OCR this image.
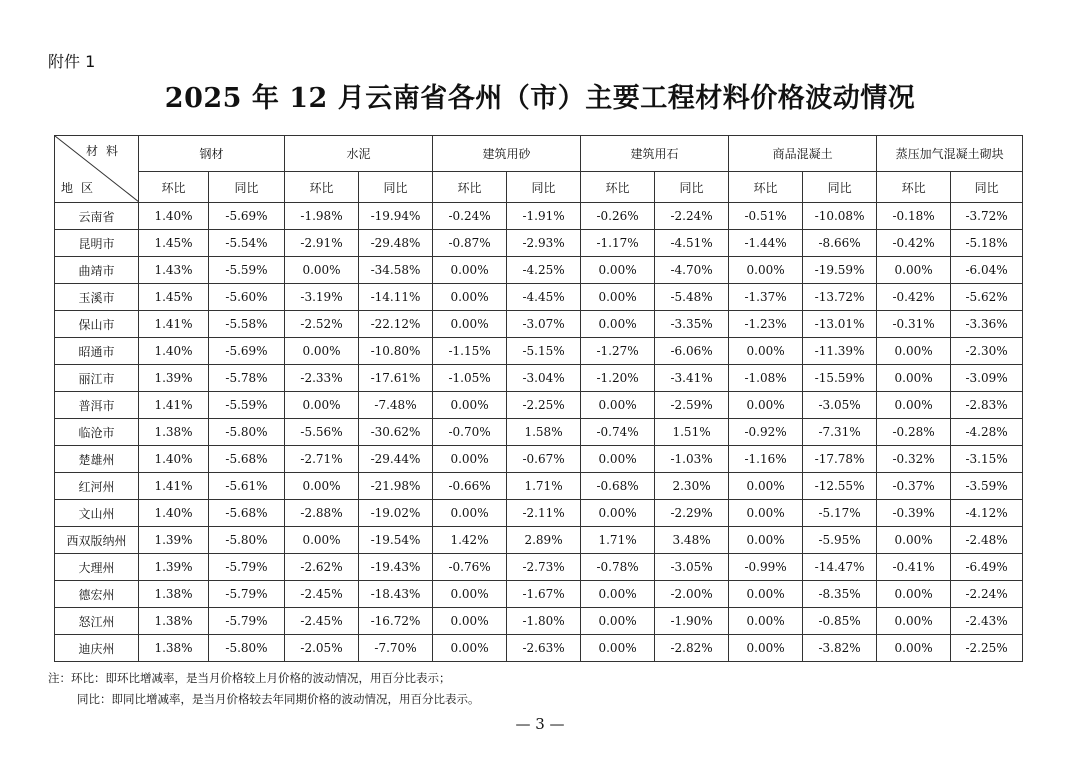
附件 1
2025 年 12 月云南省各州（市）主要工程材料价格波动情况
材料
地区	钢材		水泥		建筑用砂		建筑用石		商品混凝土		蒸压加气混凝土砌块	
	环比	同比	环比	同比	环比	同比	环比	同比	环比	同比	环比	同比
云南省	1.40%	-5.69%	-1.98%	-19.94%	-0.24%	-1.91%	-0.26%	-2.24%	-0.51%	-10.08%	-0.18%	-3.72%
昆明市	1.45%	-5.54%	-2.91%	-29.48%	-0.87%	-2.93%	-1.17%	-4.51%	-1.44%	-8.66%	-0.42%	-5.18%
曲靖市	1.43%	-5.59%	0.00%	-34.58%	0.00%	-4.25%	0.00%	-4.70%	0.00%	-19.59%	0.00%	-6.04%
玉溪市	1.45%	-5.60%	-3.19%	-14.11%	0.00%	-4.45%	0.00%	-5.48%	-1.37%	-13.72%	-0.42%	-5.62%
保山市	1.41%	-5.58%	-2.52%	-22.12%	0.00%	-3.07%	0.00%	-3.35%	-1.23%	-13.01%	-0.31%	-3.36%
昭通市	1.40%	-5.69%	0.00%	-10.80%	-1.15%	-5.15%	-1.27%	-6.06%	0.00%	-11.39%	0.00%	-2.30%
丽江市	1.39%	-5.78%	-2.33%	-17.61%	-1.05%	-3.04%	-1.20%	-3.41%	-1.08%	-15.59%	0.00%	-3.09%
普洱市	1.41%	-5.59%	0.00%	-7.48%	0.00%	-2.25%	0.00%	-2.59%	0.00%	-3.05%	0.00%	-2.83%
临沧市	1.38%	-5.80%	-5.56%	-30.62%	-0.70%	1.58%	-0.74%	1.51%	-0.92%	-7.31%	-0.28%	-4.28%
楚雄州	1.40%	-5.68%	-2.71%	-29.44%	0.00%	-0.67%	0.00%	-1.03%	-1.16%	-17.78%	-0.32%	-3.15%
红河州	1.41%	-5.61%	0.00%	-21.98%	-0.66%	1.71%	-0.68%	2.30%	0.00%	-12.55%	-0.37%	-3.59%
文山州	1.40%	-5.68%	-2.88%	-19.02%	0.00%	-2.11%	0.00%	-2.29%	0.00%	-5.17%	-0.39%	-4.12%
西双版纳州	1.39%	-5.80%	0.00%	-19.54%	1.42%	2.89%	1.71%	3.48%	0.00%	-5.95%	0.00%	-2.48%
大理州	1.39%	-5.79%	-2.62%	-19.43%	-0.76%	-2.73%	-0.78%	-3.05%	-0.99%	-14.47%	-0.41%	-6.49%
德宏州	1.38%	-5.79%	-2.45%	-18.43%	0.00%	-1.67%	0.00%	-2.00%	0.00%	-8.35%	0.00%	-2.24%
怒江州	1.38%	-5.79%	-2.45%	-16.72%	0.00%	-1.80%	0.00%	-1.90%	0.00%	-0.85%	0.00%	-2.43%
迪庆州	1.38%	-5.80%	-2.05%	-7.70%	0.00%	-2.63%	0.00%	-2.82%	0.00%	-3.82%	0.00%	-2.25%
注：环比：即环比增减率，是当月价格较上月价格的波动情况，用百分比表示；
同比：即同比增减率，是当月价格较去年同期价格的波动情况，用百分比表示。
— 3 —
